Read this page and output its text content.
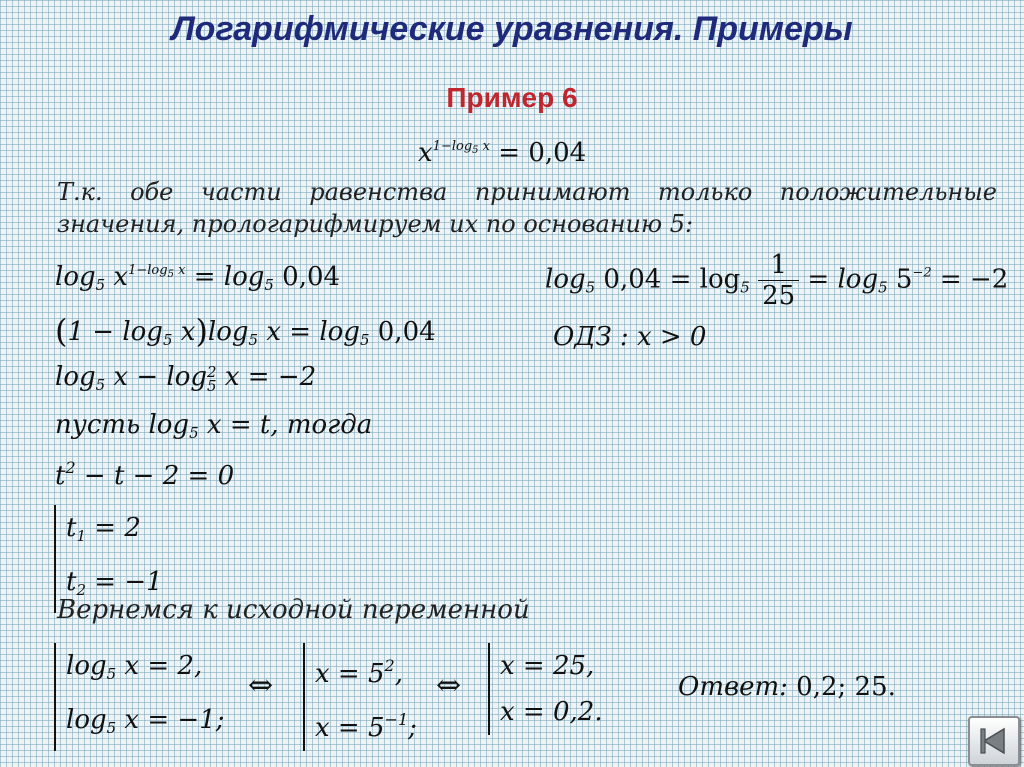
Логарифмические уравнения. Примеры
Пример 6
$x^{1-log_5 x} = 0,04$
Т.к. обе части равенства принимают только положительные значения, прологарифмируем их по основанию 5:
log5 $x^{1-log_5 x} = \log 5$ 0,04
(1 − log5 x)log5 x = log5 0,04
log5 x − log 2
5 x = −2
пусть log5 x = t, тогда
$t^2 - t - 2 = 0$
t1 = 2
t2 = −1
log5 $0,04 = \log 5 \frac{1}{25} = \log 5$ $5^{-2} = -2$
ОДЗ : x > 0
Вернемся к исходной переменной
log5 x = 2,
log5 x = −1;
⇔ $x = 5^2$,
$x = 5^{-1}$;
⇔
x = 25,
x = 0,2.
Ответ: 0,2; 25.
